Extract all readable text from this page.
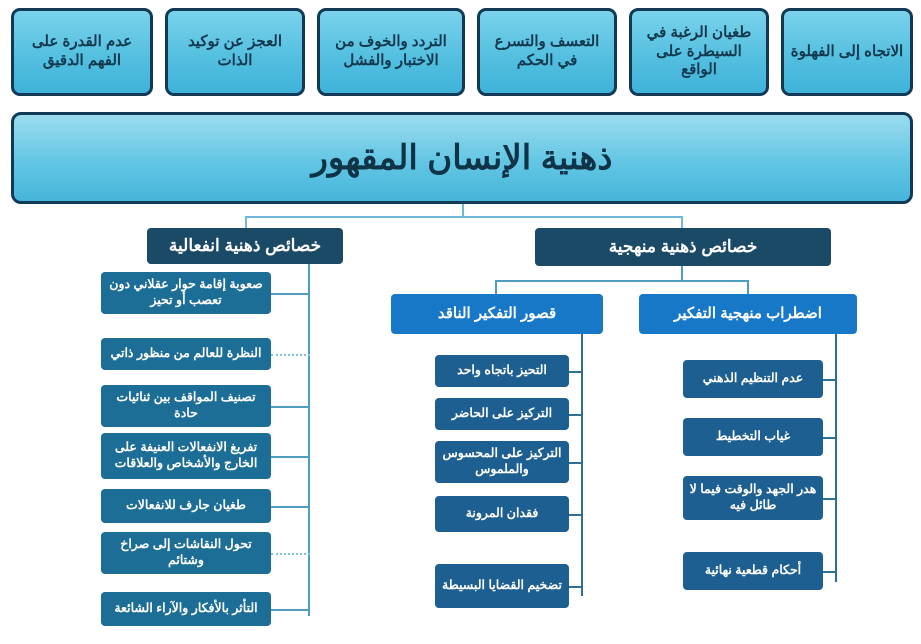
الاتجاه إلى الفهلوة
طغيان الرغبة في السيطرة على الواقع
التعسف والتسرع في الحكم
التردد والخوف من الاختبار والفشل
العجز عن توكيد الذات
عدم القدرة على الفهم الدقيق
ذهنية الإنسان المقهور
خصائص ذهنية انفعالية
صعوبة إقامة حوار عقلاني دون تعصب أو تحيز
النظرة للعالم من منظور ذاتي
تصنيف المواقف بين ثنائيات حادة
تفريغ الانفعالات العنيفة على الخارج والأشخاص والعلاقات
طغيان جارف للانفعالات
تحول النقاشات إلى صراخ وشتائم
التأثر بالأفكار والآراء الشائعة
خصائص ذهنية منهجية
قصور التفكير الناقد
التحيز باتجاه واحد
التركيز على الحاضر
التركيز على المحسوس والملموس
فقدان المرونة
تضخيم القضايا البسيطة
اضطراب منهجية التفكير
عدم التنظيم الذهني
غياب التخطيط
هدر الجهد والوقت فيما لا طائل فيه
أحكام قطعية نهائية
